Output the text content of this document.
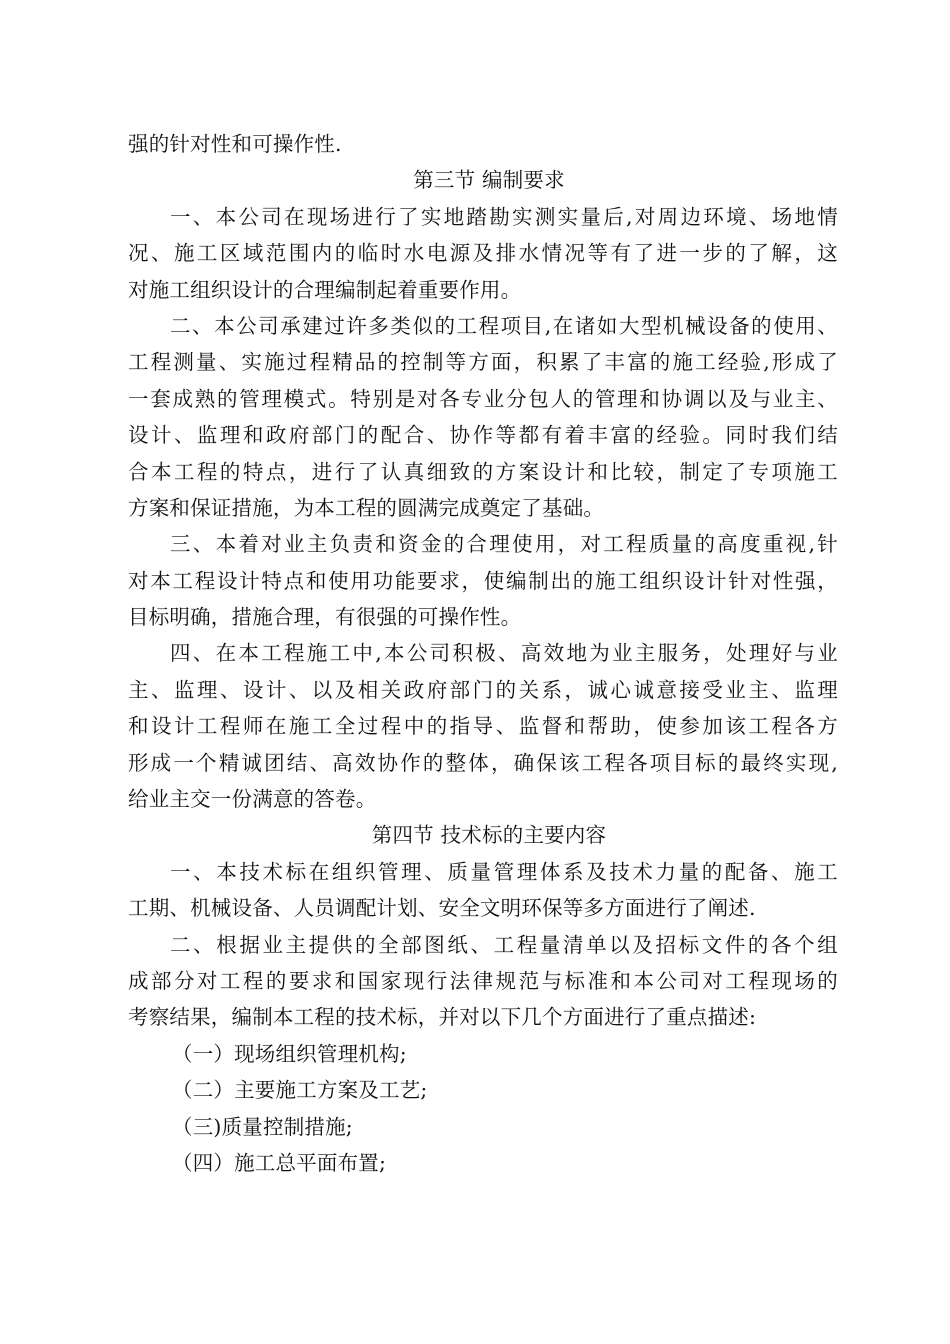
强的针对性和可操作性.
第三节 编制要求
一、本公司在现场进行了实地踏勘实测实量后,对周边环境、场地情
况、施工区域范围内的临时水电源及排水情况等有了进一步的了解，这
对施工组织设计的合理编制起着重要作用。
二、本公司承建过许多类似的工程项目,在诸如大型机械设备的使用、
工程测量、实施过程精品的控制等方面，积累了丰富的施工经验,形成了
一套成熟的管理模式。特别是对各专业分包人的管理和协调以及与业主、
设计、监理和政府部门的配合、协作等都有着丰富的经验。同时我们结
合本工程的特点，进行了认真细致的方案设计和比较，制定了专项施工
方案和保证措施，为本工程的圆满完成奠定了基础。
三、本着对业主负责和资金的合理使用，对工程质量的高度重视,针
对本工程设计特点和使用功能要求，使编制出的施工组织设计针对性强，
目标明确，措施合理，有很强的可操作性。
四、在本工程施工中,本公司积极、高效地为业主服务，处理好与业
主、监理、设计、以及相关政府部门的关系，诚心诚意接受业主、监理
和设计工程师在施工全过程中的指导、监督和帮助，使参加该工程各方
形成一个精诚团结、高效协作的整体，确保该工程各项目标的最终实现,
给业主交一份满意的答卷。
第四节 技术标的主要内容
一、本技术标在组织管理、质量管理体系及技术力量的配备、施工
工期、机械设备、人员调配计划、安全文明环保等多方面进行了阐述.
二、根据业主提供的全部图纸、工程量清单以及招标文件的各个组
成部分对工程的要求和国家现行法律规范与标准和本公司对工程现场的
考察结果，编制本工程的技术标，并对以下几个方面进行了重点描述:
（一）现场组织管理机构;
（二）主要施工方案及工艺;
（三)质量控制措施;
（四）施工总平面布置;
